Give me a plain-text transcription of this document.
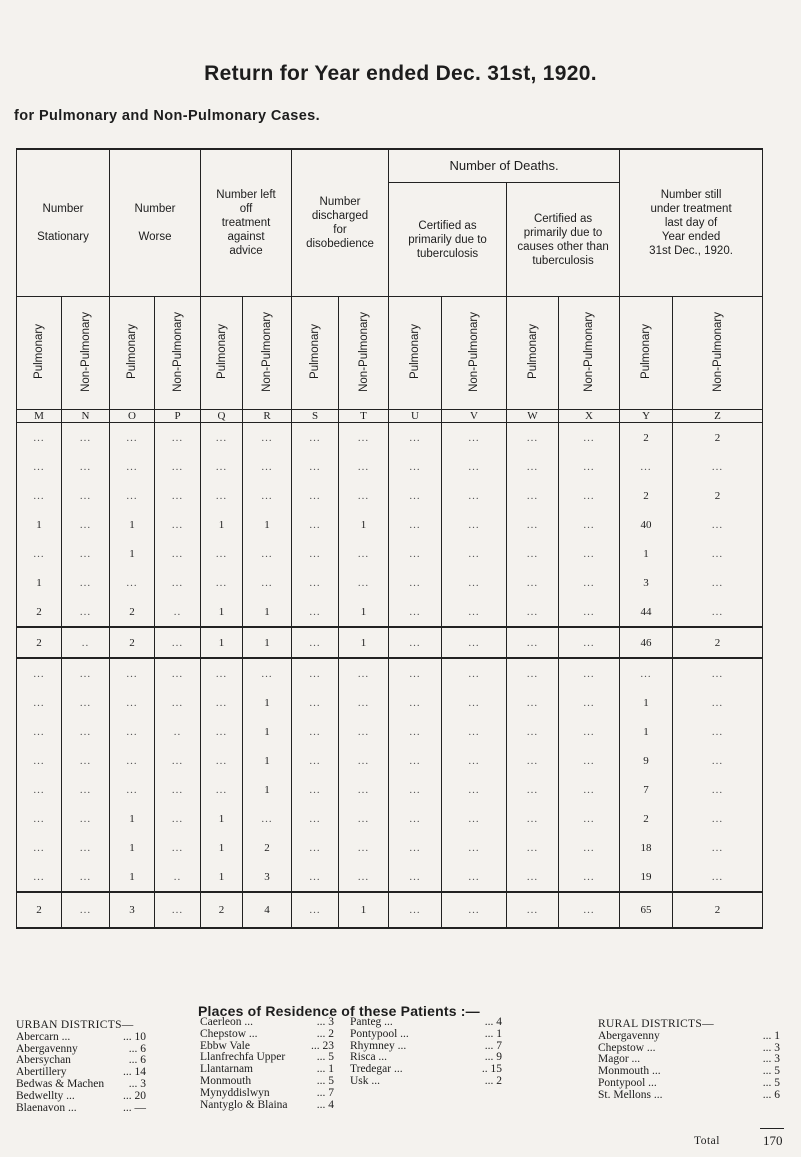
Return for Year ended Dec. 31st, 1920.
for Pulmonary and Non-Pulmonary Cases.
Number

Stationary		Number

Worse		Number left
off
treatment
against
advice		Number
discharged
for
disobedience		Number of Deaths.				Number still
under treatment
last day of
Year ended
31st Dec., 1920.	
								Certified as
primarily due to
tuberculosis		Certified as
primarily due to
causes other than
tuberculosis			
Pulmonary	Non-Pulmonary	Pulmonary	Non-Pulmonary	Pulmonary	Non-Pulmonary	Pulmonary	Non-Pulmonary	Pulmonary	Non-Pulmonary	Pulmonary	Non-Pulmonary	Pulmonary	Non-Pulmonary
M	N	O	P	Q	R	S	T	U	V	W	X	Y	Z
...	...	...	...	...	...	...	...	...	...	...	...	2	2
...	...	...	...	...	...	...	...	...	...	...	...	...	...
...	...	...	...	...	...	...	...	...	...	...	...	2	2
1	...	1	...	1	1	...	1	...	...	...	...	40	...
...	...	1	...	...	...	...	...	...	...	...	...	1	...
1	...	...	...	...	...	...	...	...	...	...	...	3	...
2	...	2	..	1	1	...	1	...	...	...	...	44	...
2	..	2	...	1	1	...	1	...	...	...	...	46	2
...	...	...	...	...	...	...	...	...	...	...	...	...	...
...	...	...	...	...	1	...	...	...	...	...	...	1	...
...	...	...	..	...	1	...	...	...	...	...	...	1	...
...	...	...	...	...	1	...	...	...	...	...	...	9	...
...	...	...	...	...	1	...	...	...	...	...	...	7	...
...	...	1	...	1	...	...	...	...	...	...	...	2	...
...	...	1	...	1	2	...	...	...	...	...	...	18	...
...	...	1	..	1	3	...	...	...	...	...	...	19	...
2	...	3	...	2	4	...	1	...	...	...	...	65	2
Places of Residence of these Patients :—
URBAN DISTRICTS—
Abercarn ...	... 10
Abergavenny	... 6
Abersychan	... 6
Abertillery	... 14
Bedwas & Machen ... 3
Bedwellty ...	... 20
Blaenavon ...	... —
Caerleon ...	... 3
Chepstow ...	... 2
Ebbw Vale	... 23
Llanfrechfa Upper	... 5
Llantarnam	... 1
Monmouth	... 5
Mynyddislwyn	... 7
Nantyglo & Blaina	... 4
Panteg ...	... 4
Pontypool ...	... 1
Rhymney ...	... 7
Risca ...	... 9
Tredegar ...	.. 15
Usk ...	... 2
RURAL DISTRICTS—
Abergavenny	... 1
Chepstow ...	... 3
Magor ...	... 3
Monmouth ...	... 5
Pontypool ...	... 5
St. Mellons ...	... 6
Total	170
